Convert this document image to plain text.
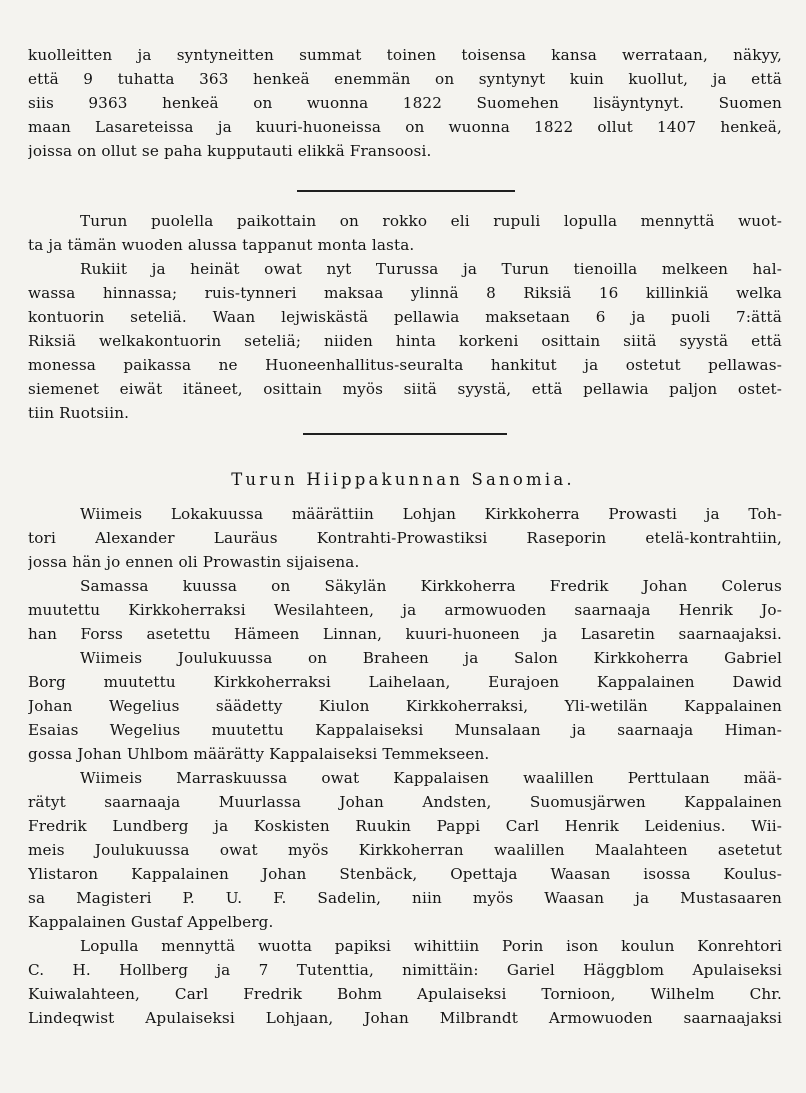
kuolleitten ja syntyneitten summat toinen toisensa kansa werrataan, näkyy,
että 9 tuhatta 363 henkeä enemmän on syntynyt kuin kuollut, ja että
siis 9363 henkeä on wuonna 1822 Suomehen lisäyntynyt. Suomen
maan Lasareteissa ja kuuri-huoneissa on wuonna 1822 ollut 1407 henkeä,
joissa on ollut se paha kupputauti elikkä Fransoosi.
Turun puolella paikottain on rokko eli rupuli lopulla mennyttä wuot-
ta ja tämän wuoden alussa tappanut monta lasta.
Rukiit ja heinät owat nyt Turussa ja Turun tienoilla melkeen hal-
wassa hinnassa; ruis-tynneri maksaa ylinnä 8 Riksiä 16 killinkiä welka
kontuorin seteliä. Waan lejwiskästä pellawia maksetaan 6 ja puoli 7:ättä
Riksiä welkakontuorin seteliä; niiden hinta korkeni osittain siitä syystä että
monessa paikassa ne Huoneenhallitus-seuralta hankitut ja ostetut pellawas-
siemenet eiwät itäneet, osittain myös siitä syystä, että pellawia paljon ostet-
tiin Ruotsiin.
Turun Hiippakunnan Sanomia.
Wiimeis Lokakuussa määrättiin Lohjan Kirkkoherra Prowasti ja Toh-
tori Alexander Lauräus Kontrahti-Prowastiksi Raseporin etelä-kontrahtiin,
jossa hän jo ennen oli Prowastin sijaisena.
Samassa kuussa on Säkylän Kirkkoherra Fredrik Johan Colerus
muutettu Kirkkoherraksi Wesilahteen, ja armowuoden saarnaaja Henrik Jo-
han Forss asetettu Hämeen Linnan, kuuri-huoneen ja Lasaretin saarnaajaksi.
Wiimeis Joulukuussa on Braheen ja Salon Kirkkoherra Gabriel
Borg muutettu Kirkkoherraksi Laihelaan, Eurajoen Kappalainen Dawid
Johan Wegelius säädetty Kiulon Kirkkoherraksi, Yli-wetilän Kappalainen
Esaias Wegelius muutettu Kappalaiseksi Munsalaan ja saarnaaja Himan-
gossa Johan Uhlbom määrätty Kappalaiseksi Temmekseen.
Wiimeis Marraskuussa owat Kappalaisen waalillen Perttulaan mää-
rätyt saarnaaja Muurlassa Johan Andsten, Suomusjärwen Kappalainen
Fredrik Lundberg ja Koskisten Ruukin Pappi Carl Henrik Leidenius. Wii-
meis Joulukuussa owat myös Kirkkoherran waalillen Maalahteen asetetut
Ylistaron Kappalainen Johan Stenbäck, Opettaja Waasan isossa Koulus-
sa Magisteri P. U. F. Sadelin, niin myös Waasan ja Mustasaaren
Kappalainen Gustaf Appelberg.
Lopulla mennyttä wuotta papiksi wihittiin Porin ison koulun Konrehtori
C. H. Hollberg ja 7 Tutenttia, nimittäin: Gariel Häggblom Apulaiseksi
Kuiwalahteen, Carl Fredrik Bohm Apulaiseksi Tornioon, Wilhelm Chr.
Lindeqwist Apulaiseksi Lohjaan, Johan Milbrandt Armowuoden saarnaajaksi
